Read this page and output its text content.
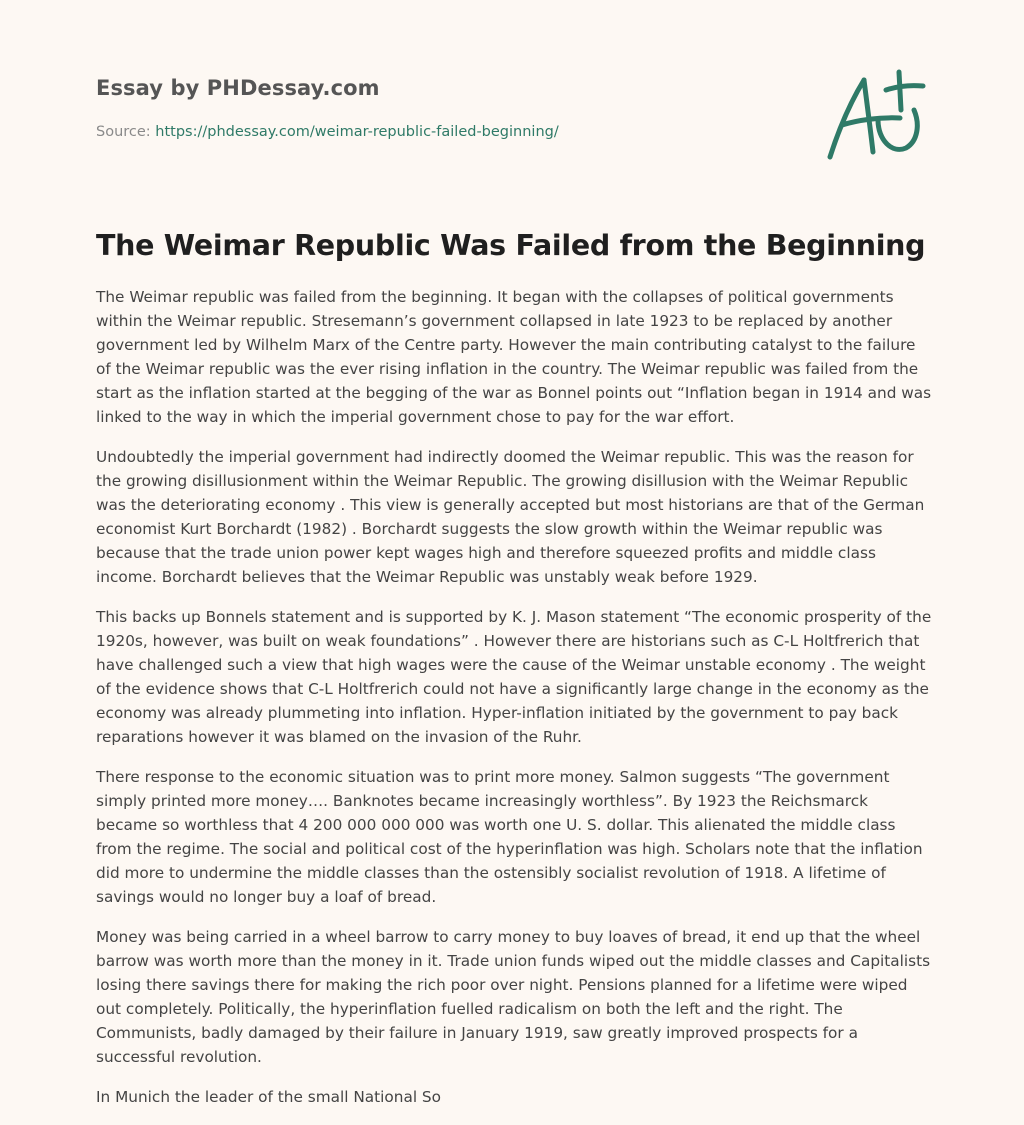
Essay by PHDessay.com
Source: https://phdessay.com/weimar-republic-failed-beginning/
The Weimar Republic Was Failed from the Beginning

The Weimar republic was failed from the beginning. It began with the collapses of political governments within the Weimar republic. Stresemann’s government collapsed in late 1923 to be replaced by another government led by Wilhelm Marx of the Centre party. However the main contributing catalyst to the failure of the Weimar republic was the ever rising inflation in the country. The Weimar republic was failed from the start as the inflation started at the begging of the war as Bonnel points out “Inflation began in 1914 and was linked to the way in which the imperial government chose to pay for the war effort.

Undoubtedly the imperial government had indirectly doomed the Weimar republic. This was the reason for the growing disillusionment within the Weimar Republic. The growing disillusion with the Weimar Republic was the deteriorating economy . This view is generally accepted but most historians are that of the German economist Kurt Borchardt (1982) . Borchardt suggests the slow growth within the Weimar republic was because that the trade union power kept wages high and therefore squeezed profits and middle class income. Borchardt believes that the Weimar Republic was unstably weak before 1929.

This backs up Bonnels statement and is supported by K. J. Mason statement “The economic prosperity of the 1920s, however, was built on weak foundations” . However there are historians such as C-L Holtfrerich that have challenged such a view that high wages were the cause of the Weimar unstable economy . The weight of the evidence shows that C-L Holtfrerich could not have a significantly large change in the economy as the economy was already plummeting into inflation. Hyper-inflation initiated by the government to pay back reparations however it was blamed on the invasion of the Ruhr.

There response to the economic situation was to print more money. Salmon suggests “The government simply printed more money…. Banknotes became increasingly worthless”. By 1923 the Reichsmarck became so worthless that 4 200 000 000 000 was worth one U. S. dollar. This alienated the middle class from the regime. The social and political cost of the hyperinflation was high. Scholars note that the inflation did more to undermine the middle classes than the ostensibly socialist revolution of 1918. A lifetime of savings would no longer buy a loaf of bread.

Money was being carried in a wheel barrow to carry money to buy loaves of bread, it end up that the wheel barrow was worth more than the money in it. Trade union funds wiped out the middle classes and Capitalists losing there savings there for making the rich poor over night. Pensions planned for a lifetime were wiped out completely. Politically, the hyperinflation fuelled radicalism on both the left and the right. The Communists, badly damaged by their failure in January 1919, saw greatly improved prospects for a successful revolution.

In Munich the leader of the small National So
